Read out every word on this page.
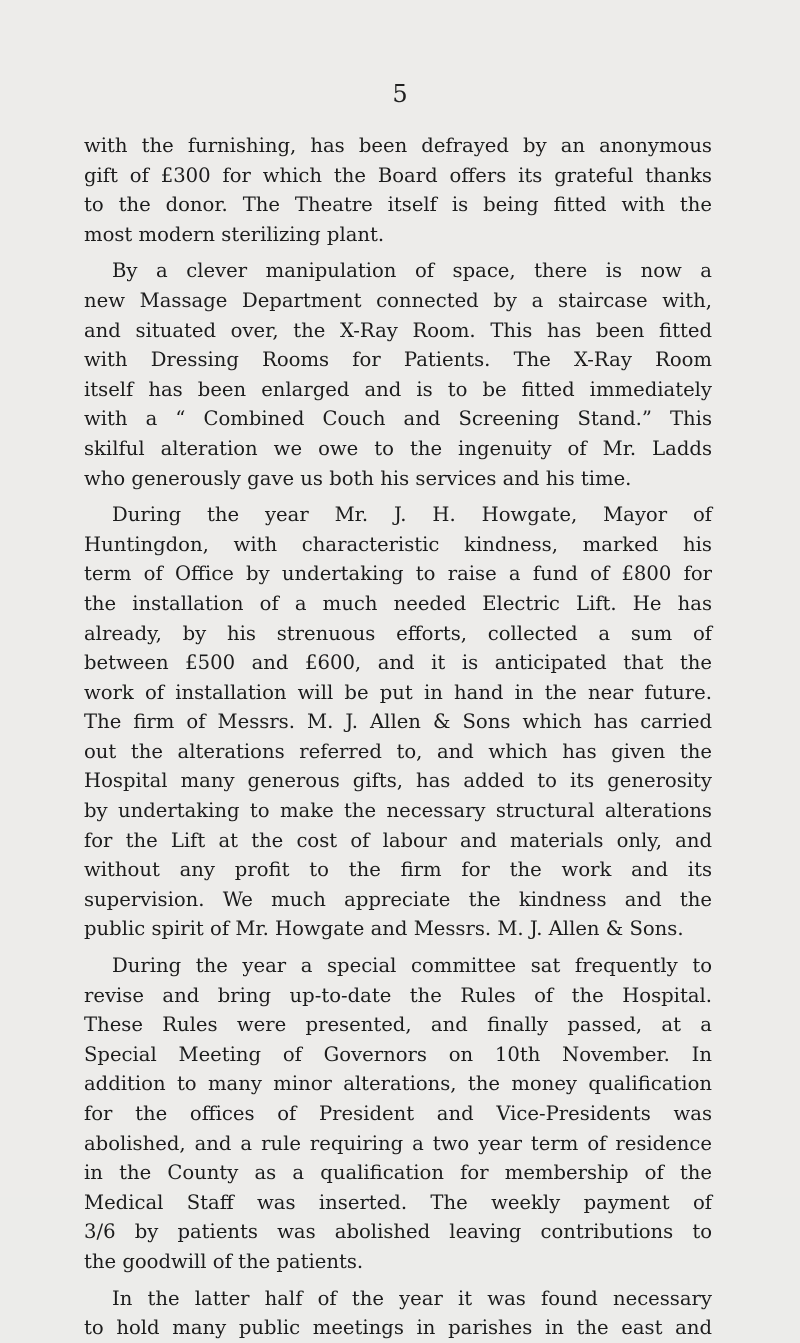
5
with the furnishing, has been defrayed by an anonymous
gift of £300 for which the Board offers its grateful thanks
to the donor. The Theatre itself is being fitted with the
most modern sterilizing plant.
By a clever manipulation of space, there is now a
new Massage Department connected by a staircase with,
and situated over, the X-Ray Room. This has been fitted
with Dressing Rooms for Patients. The X-Ray Room
itself has been enlarged and is to be fitted immediately
with a “ Combined Couch and Screening Stand.” This
skilful alteration we owe to the ingenuity of Mr. Ladds
who generously gave us both his services and his time.
During the year Mr. J. H. Howgate, Mayor of
Huntingdon, with characteristic kindness, marked his
term of Office by undertaking to raise a fund of £800 for
the installation of a much needed Electric Lift. He has
already, by his strenuous efforts, collected a sum of
between £500 and £600, and it is anticipated that the
work of installation will be put in hand in the near future.
The firm of Messrs. M. J. Allen & Sons which has carried
out the alterations referred to, and which has given the
Hospital many generous gifts, has added to its generosity
by undertaking to make the necessary structural alterations
for the Lift at the cost of labour and materials only, and
without any profit to the firm for the work and its
supervision. We much appreciate the kindness and the
public spirit of Mr. Howgate and Messrs. M. J. Allen & Sons.
During the year a special committee sat frequently to
revise and bring up-to-date the Rules of the Hospital.
These Rules were presented, and finally passed, at a
Special Meeting of Governors on 10th November. In
addition to many minor alterations, the money qualification
for the offices of President and Vice-Presidents was
abolished, and a rule requiring a two year term of residence
in the County as a qualification for membership of the
Medical Staff was inserted. The weekly payment of
3/6 by patients was abolished leaving contributions to
the goodwill of the patients.
In the latter half of the year it was found necessary
to hold many public meetings in parishes in the east and
